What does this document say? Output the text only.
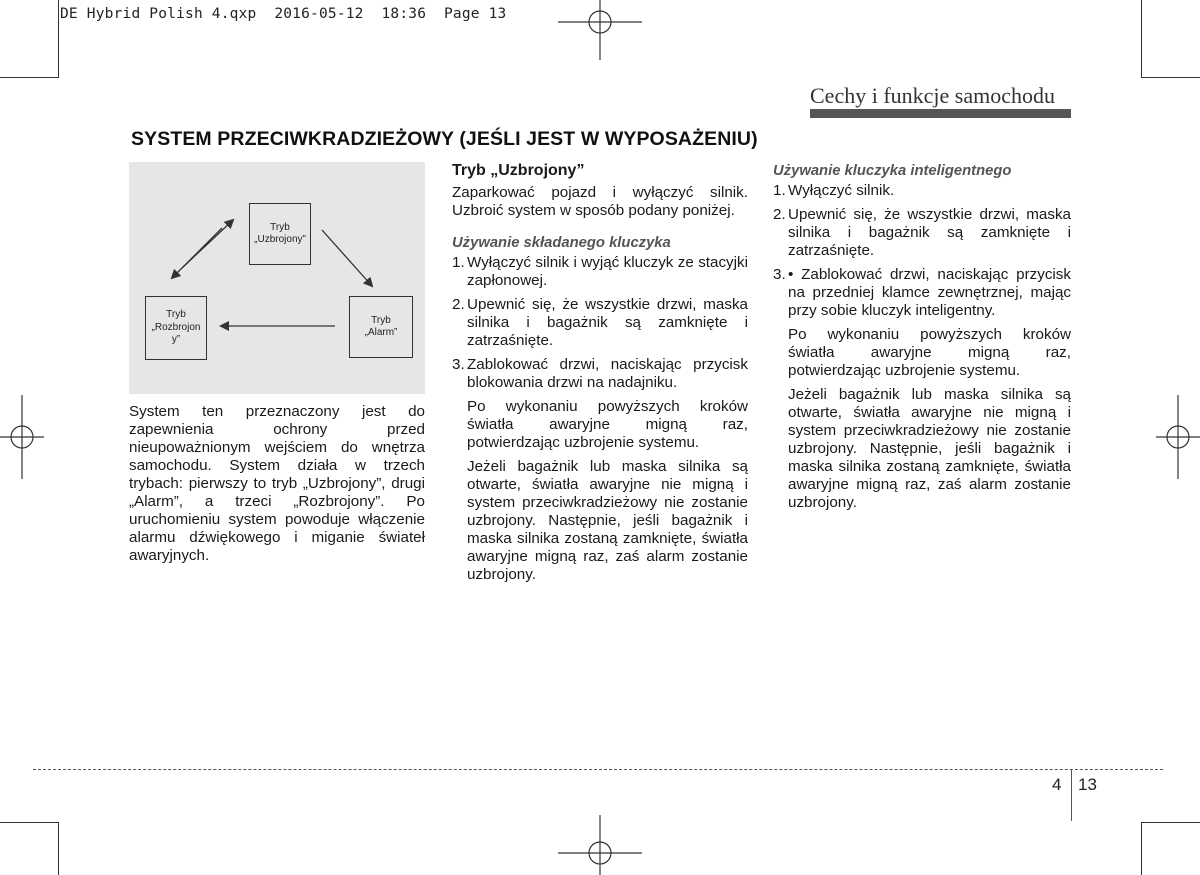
DE Hybrid Polish 4.qxp  2016-05-12  18:36  Page 13
Cechy i funkcje samochodu
SYSTEM PRZECIWKRADZIEŻOWY (JEŚLI JEST W WYPOSAŻENIU)
Tryb
„Uzbrojony”
Tryb
„Rozbrojon
y”
Tryb
„Alarm”

System ten przeznaczony jest do zapewnienia ochrony przed nieupoważnionym wejściem do wnętrza samochodu. System działa w trzech trybach: pierwszy to tryb „Uzbrojony”, drugi „Alarm”, a trzeci „Rozbrojony”. Po uruchomieniu system powoduje włączenie alarmu dźwiękowego i miganie świateł awaryjnych.

Tryb „Uzbrojony”

Zaparkować pojazd i wyłączyć silnik. Uzbroić system w sposób podany poniżej.

Używanie składanego kluczyka

1. Wyłączyć silnik i wyjąć kluczyk ze stacyjki zapłonowej.
2. Upewnić się, że wszystkie drzwi, maska silnika i bagażnik są zamknięte i zatrzaśnięte.
3. Zablokować drzwi, naciskając przycisk blokowania drzwi na nadajniku.

Po wykonaniu powyższych kroków światła awaryjne migną raz, potwierdzając uzbrojenie systemu.

Jeżeli bagażnik lub maska silnika są otwarte, światła awaryjne nie migną i system przeciwkradzieżowy nie zostanie uzbrojony. Następnie, jeśli bagażnik i maska silnika zostaną zamknięte, światła awaryjne migną raz, zaś alarm zostanie uzbrojony.

Używanie kluczyka inteligentnego

1. Wyłączyć silnik.
2. Upewnić się, że wszystkie drzwi, maska silnika i bagażnik są zamknięte i zatrzaśnięte.
3. • Zablokować drzwi, naciskając przycisk na przedniej klamce zewnętrznej, mając przy sobie kluczyk inteligentny.

Po wykonaniu powyższych kroków światła awaryjne migną raz, potwierdzając uzbrojenie systemu.

Jeżeli bagażnik lub maska silnika są otwarte, światła awaryjne nie migną i system przeciwkradzieżowy nie zostanie uzbrojony. Następnie, jeśli bagażnik i maska silnika zostaną zamknięte, światła awaryjne migną raz, zaś alarm zostanie uzbrojony.

4 13
